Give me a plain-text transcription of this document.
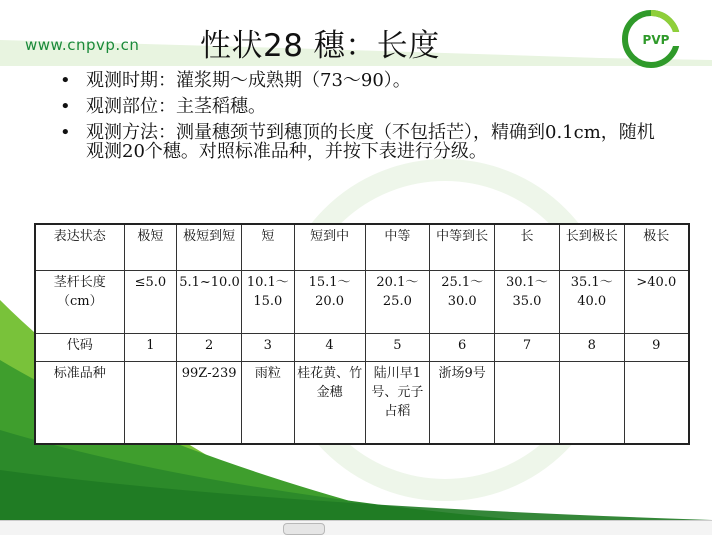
www.cnpvp.cn	PVP
性状28 穗：长度
• 观测时期：灌浆期～成熟期（73～90）。
• 观测部位：主茎稻穗。
• 观测方法：测量穗颈节到穗顶的长度（不包括芒），精确到0.1cm，随机观测20个穗。对照标准品种，并按下表进行分级。
表达状态	极短	极短到短	短	短到中	中等	中等到长	长	长到极长	极长
茎杆长度（cm）	≤5.0	5.1~10.0	10.1～15.0	15.1～20.0	20.1～25.0	25.1～30.0	30.1～35.0	35.1～40.0	>40.0
代码	1	2	3	4	5	6	7	8	9
标准品种		99Z-239	雨粒	桂花黄、竹金穗	陆川早1号、元子占稻	浙场9号			
